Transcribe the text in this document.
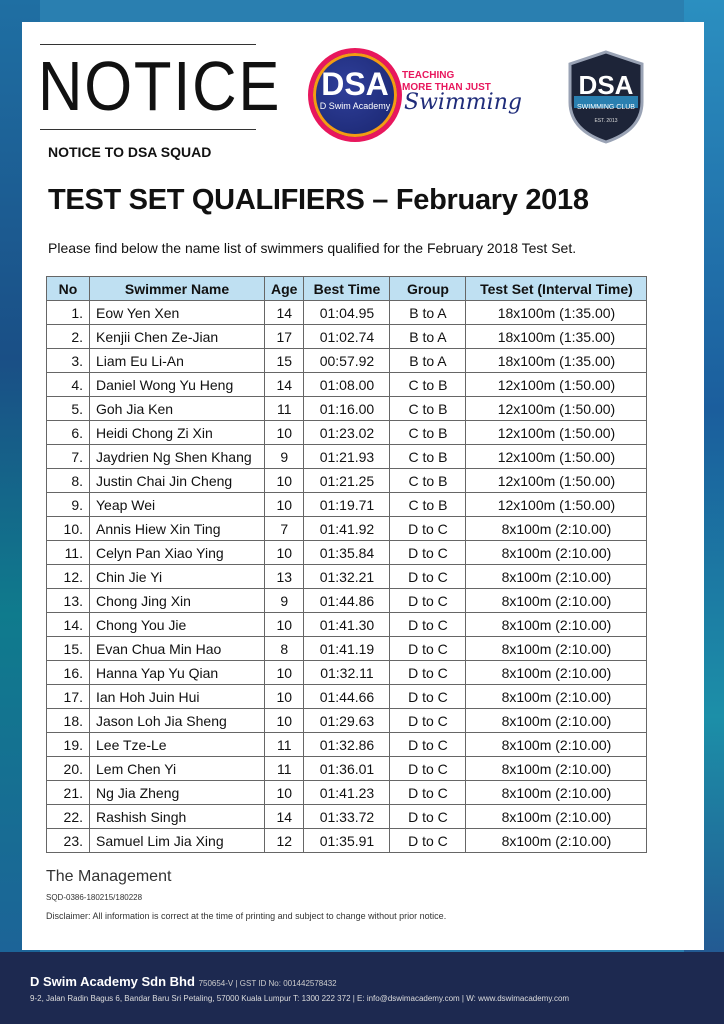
NOTICE
NOTICE TO DSA SQUAD
DSA
D Swim Academy
TEACHING
MORE THAN JUST
Swimming
DSA
SWIMMING CLUB
EST. 2013
TEST SET QUALIFIERS – February 2018
Please find below the name list of swimmers qualified for the February 2018 Test Set.
No	Swimmer Name	Age	Best Time	Group	Test Set (Interval Time)
1.	Eow Yen Xen	14	01:04.95	B to A	18x100m (1:35.00)
2.	Kenjii Chen Ze-Jian	17	01:02.74	B to A	18x100m (1:35.00)
3.	Liam Eu Li-An	15	00:57.92	B to A	18x100m (1:35.00)
4.	Daniel Wong Yu Heng	14	01:08.00	C to B	12x100m (1:50.00)
5.	Goh Jia Ken	11	01:16.00	C to B	12x100m (1:50.00)
6.	Heidi Chong Zi Xin	10	01:23.02	C to B	12x100m (1:50.00)
7.	Jaydrien Ng Shen Khang	9	01:21.93	C to B	12x100m (1:50.00)
8.	Justin Chai Jin Cheng	10	01:21.25	C to B	12x100m (1:50.00)
9.	Yeap Wei	10	01:19.71	C to B	12x100m (1:50.00)
10.	Annis Hiew Xin Ting	7	01:41.92	D to C	8x100m (2:10.00)
11.	Celyn Pan Xiao Ying	10	01:35.84	D to C	8x100m (2:10.00)
12.	Chin Jie Yi	13	01:32.21	D to C	8x100m (2:10.00)
13.	Chong Jing Xin	9	01:44.86	D to C	8x100m (2:10.00)
14.	Chong You Jie	10	01:41.30	D to C	8x100m (2:10.00)
15.	Evan Chua Min Hao	8	01:41.19	D to C	8x100m (2:10.00)
16.	Hanna Yap Yu Qian	10	01:32.11	D to C	8x100m (2:10.00)
17.	Ian Hoh Juin Hui	10	01:44.66	D to C	8x100m (2:10.00)
18.	Jason Loh Jia Sheng	10	01:29.63	D to C	8x100m (2:10.00)
19.	Lee Tze-Le	11	01:32.86	D to C	8x100m (2:10.00)
20.	Lem Chen Yi	11	01:36.01	D to C	8x100m (2:10.00)
21.	Ng Jia Zheng	10	01:41.23	D to C	8x100m (2:10.00)
22.	Rashish Singh	14	01:33.72	D to C	8x100m (2:10.00)
23.	Samuel Lim Jia Xing	12	01:35.91	D to C	8x100m (2:10.00)
The Management
SQD-0386-180215/180228
Disclaimer: All information is correct at the time of printing and subject to change without prior notice.
D Swim Academy Sdn Bhd 750654-V | GST ID No: 001442578432
9-2, Jalan Radin Bagus 6, Bandar Baru Sri Petaling, 57000 Kuala Lumpur T: 1300 222 372 | E: info@dswimacademy.com | W: www.dswimacademy.com
